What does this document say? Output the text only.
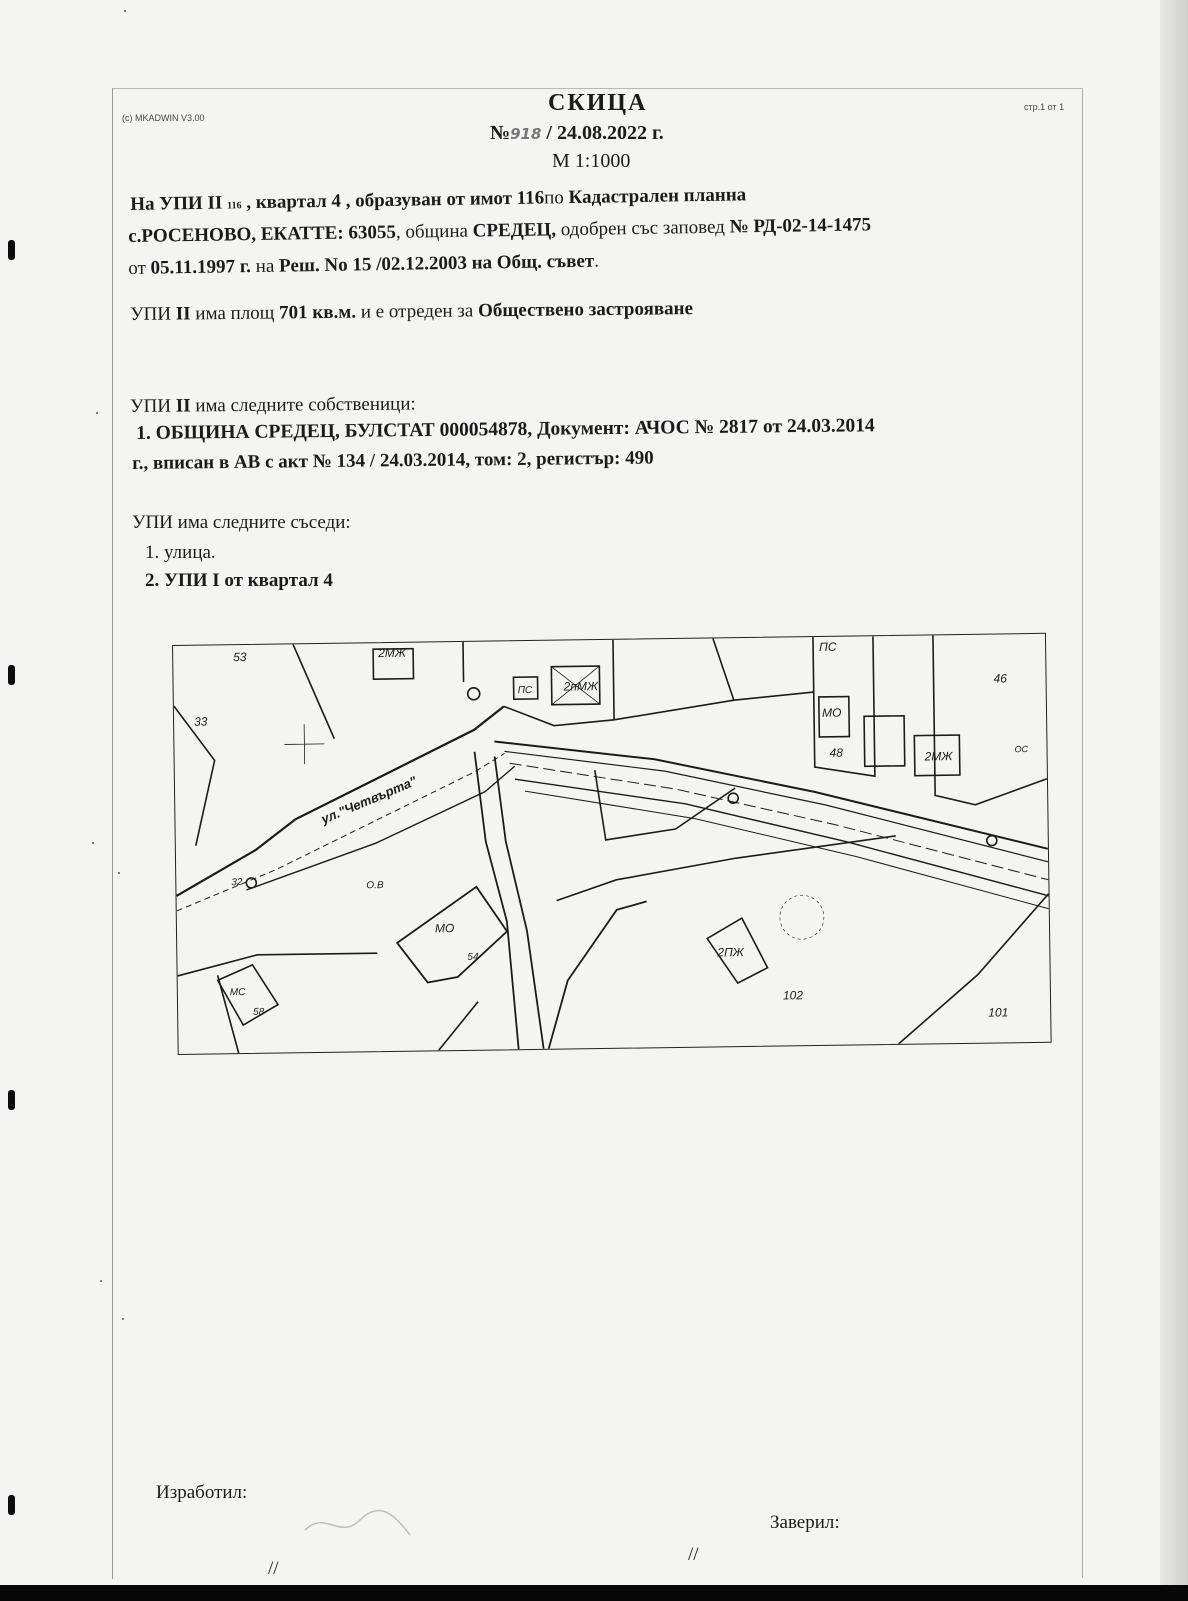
(c) MKADWIN V3.00
стр.1 от 1
СКИЦА
№918 / 24.08.2022 г.
М 1:1000
На УПИ II 116 , квартал 4 , образуван от имот 116по Кадастрален планна
с.РОСЕНОВО, ЕКАТТЕ: 63055, община СРЕДЕЦ, одобрен със заповед № РД-02-14-1475
от 05.11.1997 г. на Реш. No 15 /02.12.2003 на Общ. съвет.
УПИ II има площ 701 кв.м. и е отреден за Обществено застрояване
УПИ II има следните собственици:
1. ОБЩИНА СРЕДЕЦ, БУЛСТАТ 000054878, Документ: АЧОС № 2817 от 24.03.2014
г., вписан в АВ с акт № 134 / 24.03.2014, том: 2, регистър: 490
УПИ има следните съседи:
1. улица.
2. УПИ I от квартал 4
53	2МЖ
ПС	2пМЖ
ПС
46
МО
48	2МЖ	ОС
33
О.В
МО
54
МС
58
2ПЖ
102
101
32
ул."Четвърта"
Изработил:
Заверил:
//
//
